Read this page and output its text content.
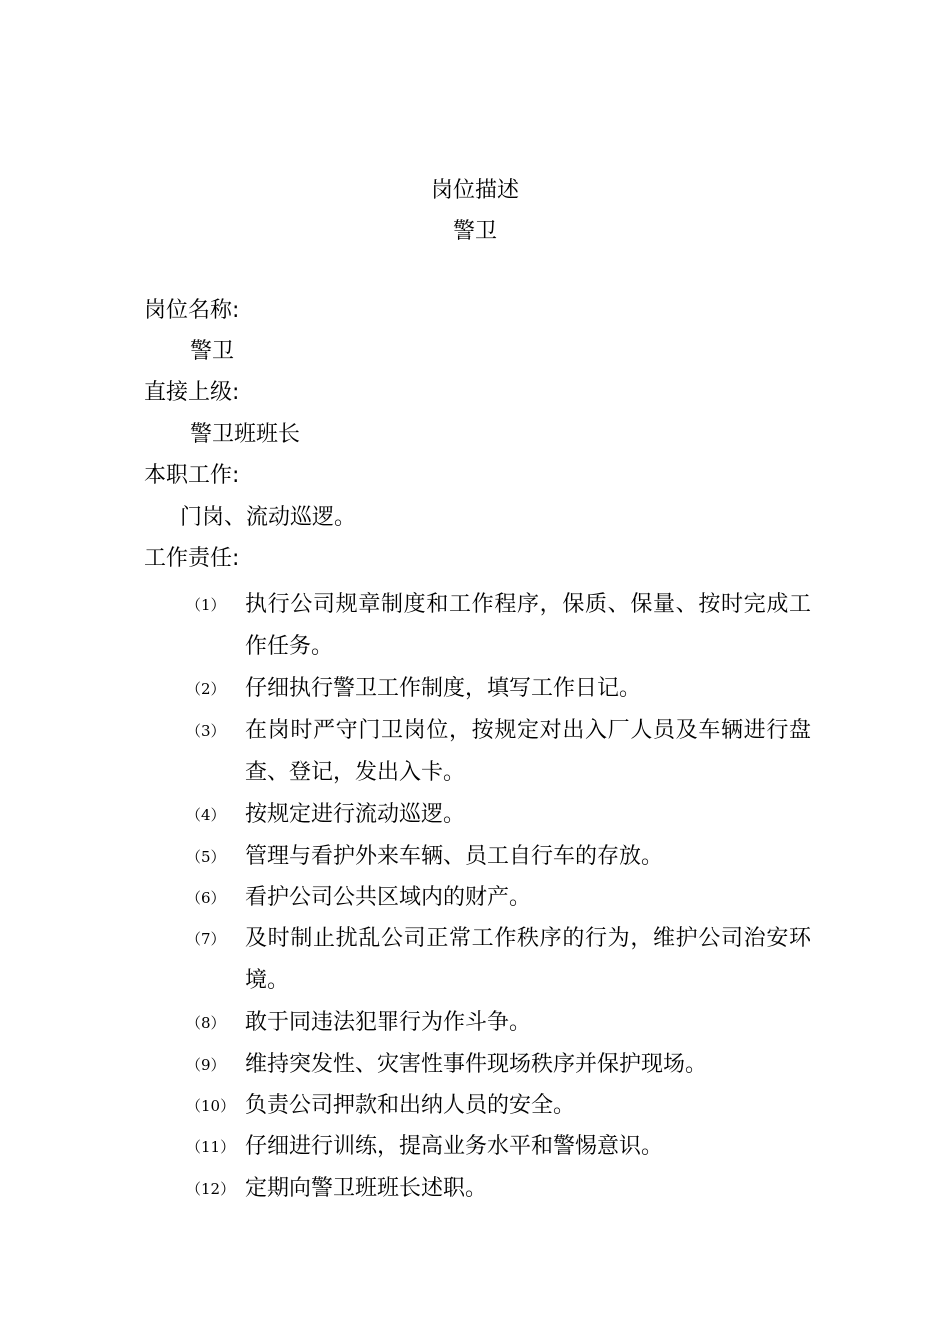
岗位描述
警卫
岗位名称:
警卫
直接上级:
警卫班班长
本职工作:
门岗、流动巡逻。
工作责任:
（1） 执行公司规章制度和工作程序，保质、保量、按时完成工作任务。
（2） 仔细执行警卫工作制度，填写工作日记。
（3） 在岗时严守门卫岗位，按规定对出入厂人员及车辆进行盘查、登记，发出入卡。
（4） 按规定进行流动巡逻。
（5） 管理与看护外来车辆、员工自行车的存放。
（6） 看护公司公共区域内的财产。
（7） 及时制止扰乱公司正常工作秩序的行为，维护公司治安环境。
（8） 敢于同违法犯罪行为作斗争。
（9） 维持突发性、灾害性事件现场秩序并保护现场。
（10） 负责公司押款和出纳人员的安全。
（11） 仔细进行训练，提高业务水平和警惕意识。
（12） 定期向警卫班班长述职。
